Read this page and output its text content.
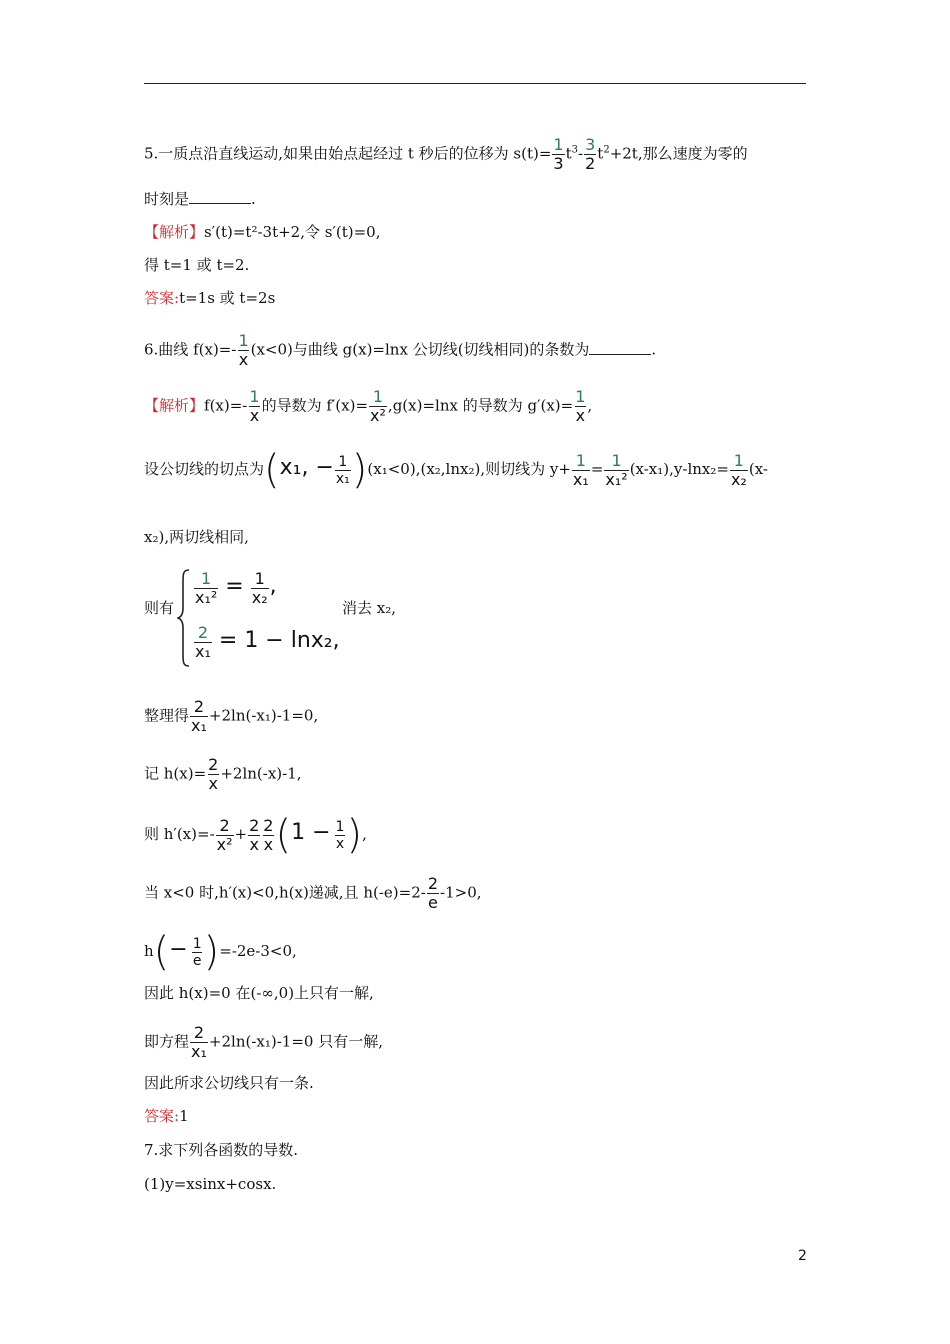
5.一质点沿直线运动,如果由始点起经过 t 秒后的位移为 $s(t)= \frac{1}{3} t^3- \frac{3}{2} t^2+2t$,那么速度为零的
时刻是	.
【解析】s′(t)=t²-3t+2,令 s′(t)=0,
得 t=1 或 t=2.
答案:t=1s 或 t=2s
6.曲线 $f(x)=- \frac{1}{x} (x<0)$与曲线 g(x)=lnx 公切线(切线相同)的条数为	.
【解析】$f(x)=- \frac{1}{x}$ 的导数为 $f'(x)= \frac{1}{\text{x²}} ,g(x)=\ln x$ 的导数为 $g'(x)= \frac{1}{x}$ ,
设公切线的切点为(x₁, − $\frac{1}{\text{x₁}} )(x_1<0),(x_2,\ln x_2)$,则切线为 $y+ \frac{1}{\text{x₁}} = \frac{1}{\text{x₁²}} (x-x_1),y-\ln x_2= \frac{1}{\text{x₂}} (x-$
x₂),两切线相同,
则有
$\frac{1}{\text{x₁²}} = \frac{1}{\text{x₂}}$ ,
消去 x₂,
$\frac{2}{\text{x₁}} = 1 - \ln x_2$,
整理得 $\frac{2}{\text{x₁}} +2\ln(-x_1)-1=0$,
记 $h(x)= \frac{2}{x} +2\ln(-x)-1$,
则 $h'(x)=- \frac{2}{\text{x²}} + \frac{2}{x} \frac{2}{x} (1 - \frac{1}{x}$ ),
当 x<0 时,h′(x)<0,h(x)递减,且 $h(-e)=2- \frac{2}{e} -1>0$,
$h(- \frac{1}{e} )=-2e-3<0$,
因此 h(x)=0 在(-∞,0)上只有一解,
即方程 $\frac{2}{\text{x₁}} +2\ln(-x_1)-1=0$ 只有一解,
因此所求公切线只有一条.
答案:1
7.求下列各函数的导数.
(1)y=xsinx+cosx.
2
